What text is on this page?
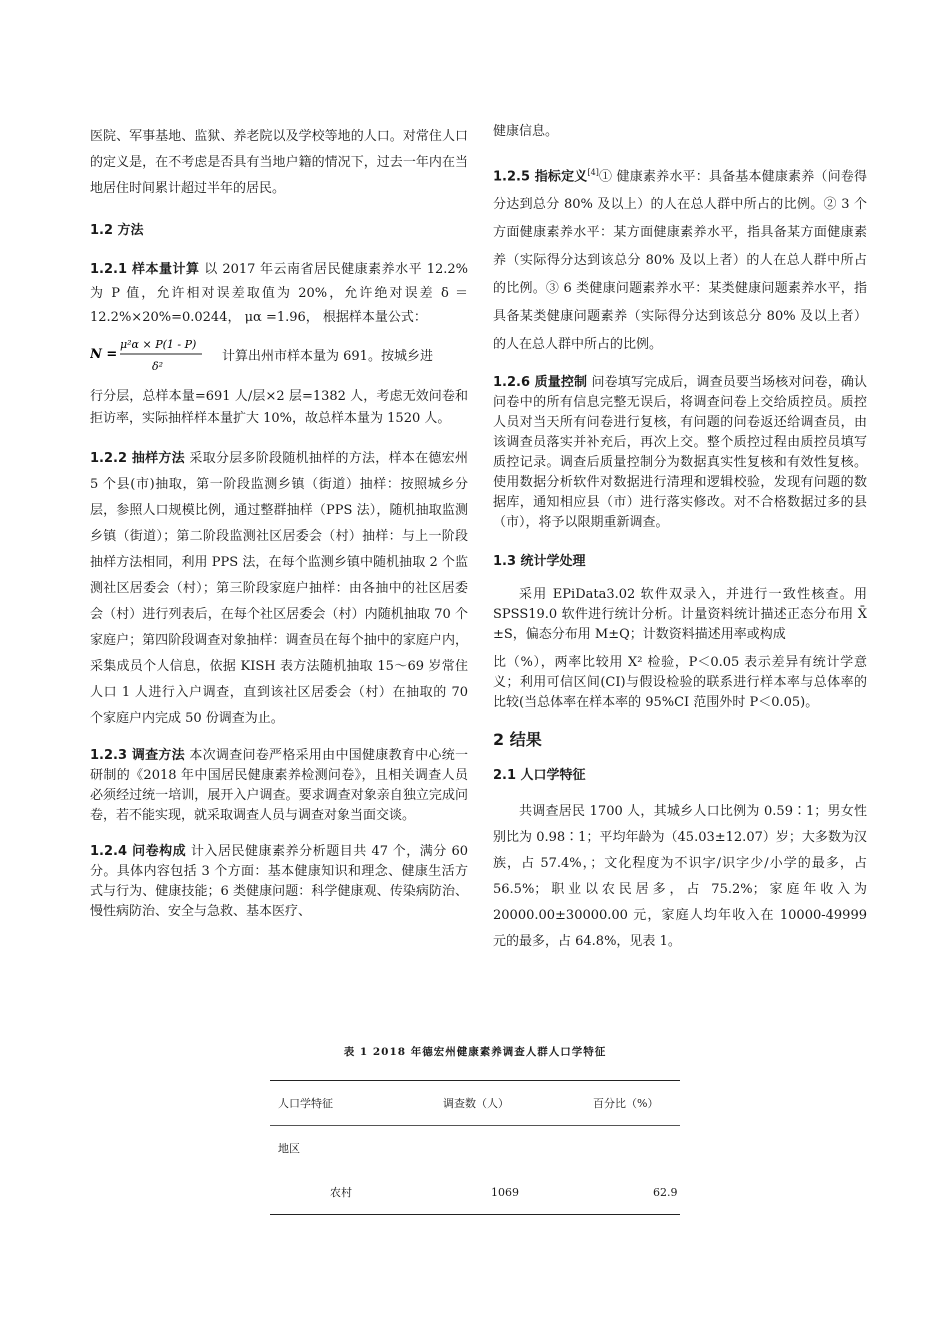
医院、军事基地、监狱、养老院以及学校等地的人口。对常住人口的定义是，在不考虑是否具有当地户籍的情况下，过去一年内在当地居住时间累计超过半年的居民。

1.2 方法

1.2.1 样本量计算 以 2017 年云南省居民健康素养水平 12.2%为 P 值，允许相对误差取值为 20%，允许绝对误差 δ ＝12.2%×20%=0.0244， μα =1.96， 根据样本量公式：

N =
μ²α × P(1 - P)
δ²
计算出州市样本量为 691。按城乡进

行分层，总样本量=691 人/层×2 层=1382 人，考虑无效问卷和拒访率，实际抽样样本量扩大 10%，故总样本量为 1520 人。

1.2.2 抽样方法 采取分层多阶段随机抽样的方法，样本在德宏州 5 个县(市)抽取，第一阶段监测乡镇（街道）抽样：按照城乡分层，参照人口规模比例，通过整群抽样（PPS 法），随机抽取监测乡镇（街道）；第二阶段监测社区居委会（村）抽样：与上一阶段抽样方法相同，利用 PPS 法，在每个监测乡镇中随机抽取 2 个监测社区居委会（村）；第三阶段家庭户抽样：由各抽中的社区居委会（村）进行列表后，在每个社区居委会（村）内随机抽取 70 个家庭户；第四阶段调查对象抽样：调查员在每个抽中的家庭户内，采集成员个人信息，依据 KISH 表方法随机抽取 15～69 岁常住人口 1 人进行入户调查，直到该社区居委会（村）在抽取的 70 个家庭户内完成 50 份调查为止。

1.2.3 调查方法 本次调查问卷严格采用由中国健康教育中心统一研制的《2018 年中国居民健康素养检测问卷》，且相关调查人员必须经过统一培训，展开入户调查。要求调查对象亲自独立完成问卷，若不能实现，就采取调查人员与调查对象当面交谈。

1.2.4 问卷构成 计入居民健康素养分析题目共 47 个，满分 60 分。具体内容包括 3 个方面：基本健康知识和理念、健康生活方式与行为、健康技能；6 类健康问题：科学健康观、传染病防治、 慢性病防治、安全与急救、基本医疗、

健康信息。

1.2.5 指标定义[4]① 健康素养水平：具备基本健康素养（问卷得分达到总分 80% 及以上）的人在总人群中所占的比例。② 3 个方面健康素养水平：某方面健康素养水平，指具备某方面健康素养（实际得分达到该总分 80% 及以上者）的人在总人群中所占的比例。③ 6 类健康问题素养水平：某类健康问题素养水平，指具备某类健康问题素养（实际得分达到该总分 80% 及以上者）的人在总人群中所占的比例。

1.2.6 质量控制 问卷填写完成后，调查员要当场核对问卷，确认问卷中的所有信息完整无误后，将调查问卷上交给质控员。质控人员对当天所有问卷进行复核，有问题的问卷返还给调查员，由该调查员落实并补充后，再次上交。整个质控过程由质控员填写质控记录。调查后质量控制分为数据真实性复核和有效性复核。使用数据分析软件对数据进行清理和逻辑校验，发现有问题的数据库，通知相应县（市）进行落实修改。对不合格数据过多的县（市），将予以限期重新调查。

1.3 统计学处理

采用 EPiData3.02 软件双录入，并进行一致性核查。用 SPSS19.0 软件进行统计分析。计量资料统计描述正态分布用 X̄ ±S，偏态分布用 M±Q；计数资料描述用率或构成

比（%），两率比较用 X² 检验，P＜0.05 表示差异有统计学意义；利用可信区间(CI)与假设检验的联系进行样本率与总体率的比较(当总体率在样本率的 95%CI 范围外时 P＜0.05)。

2 结果

2.1 人口学特征

共调查居民 1700 人，其城乡人口比例为 0.59∶1；男女性别比为 0.98∶1；平均年龄为（45.03±12.07）岁；大多数为汉族，占 57.4%，；文化程度为不识字/识字少/小学的最多，占 56.5%；职业以农民居多，占 75.2%；家庭年收入为 20000.00±30000.00 元，家庭人均年收入在 10000-49999 元的最多，占 64.8%，见表 1。

表 1 2018 年德宏州健康素养调查人群人口学特征
人口学特征	调查数（人）	百分比（%）
地区		
农村	1069	62.9
